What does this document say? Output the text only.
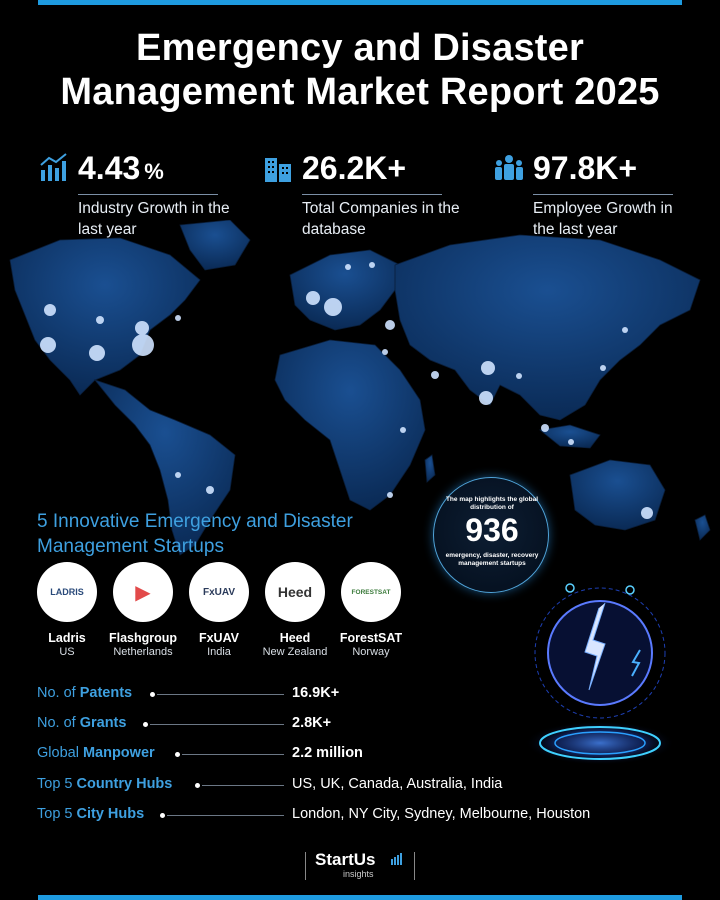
Emergency and Disaster
Management Market Report 2025
4.43 %
Industry Growth in the last year
26.2K+
Total Companies in the database
97.8K+
Employee Growth in the last year
The map highlights the global distribution of
936
emergency, disaster, recovery management startups
5 Innovative Emergency and Disaster Management Startups
LADRIS
Ladris
US
▶
Flashgroup
Netherlands
FxUAV
FxUAV
India
Heed
Heed
New Zealand
FORESTSAT
ForestSAT
Norway
No. of Patents	16.9K+
No. of Grants	2.8K+
Global Manpower	2.2 million
Top 5 Country Hubs	US, UK, Canada, Australia, India
Top 5 City Hubs	London, NY City, Sydney, Melbourne, Houston
StartUs
insights
